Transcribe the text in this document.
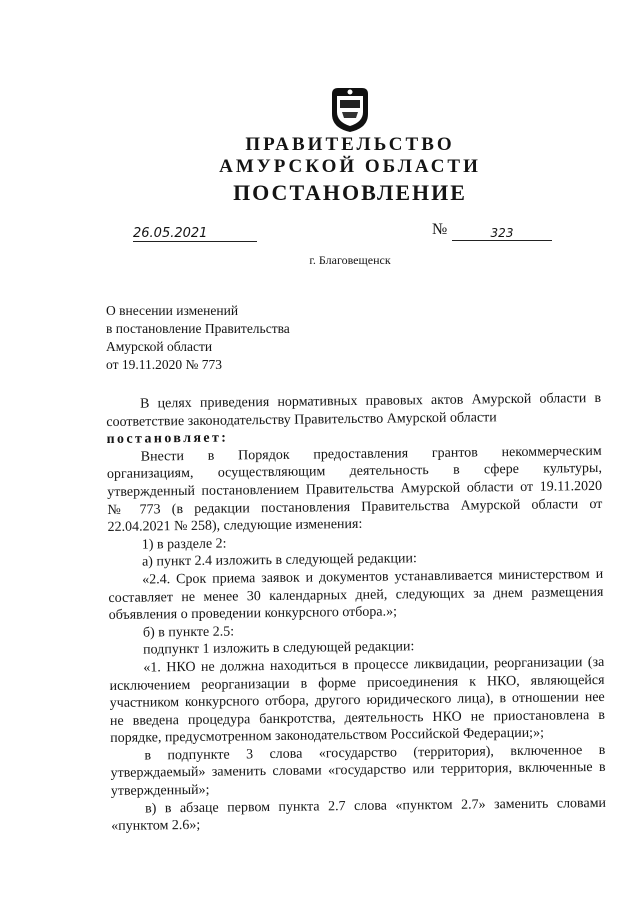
ПРАВИТЕЛЬСТВО
АМУРСКОЙ ОБЛАСТИ
ПОСТАНОВЛЕНИЕ
26.05.2021	№	323
г. Благовещенск
О внесении изменений
в постановление Правительства
Амурской области
от 19.11.2020 № 773

В целях приведения нормативных правовых актов Амурской области в

соответствие законодательству Правительство Амурской области

постановляет:

Внести в Порядок предоставления грантов некоммерческим

организациям, осуществляющим деятельность в сфере культуры,

утвержденный постановлением Правительства Амурской области от 19.11.2020

№ 773 (в редакции постановления Правительства Амурской области от

22.04.2021 № 258), следующие изменения:

1) в разделе 2:

а) пункт 2.4 изложить в следующей редакции:

«2.4. Срок приема заявок и документов устанавливается министерством и

составляет не менее 30 календарных дней, следующих за днем размещения

объявления о проведении конкурсного отбора.»;

б) в пункте 2.5:

подпункт 1 изложить в следующей редакции:

«1. НКО не должна находиться в процессе ликвидации, реорганизации (за

исключением реорганизации в форме присоединения к НКО, являющейся

участником конкурсного отбора, другого юридического лица), в отношении нее

не введена процедура банкротства, деятельность НКО не приостановлена в

порядке, предусмотренном законодательством Российской Федерации;»;

в подпункте 3 слова «государство (территория), включенное в

утверждаемый» заменить словами «государство или территория, включенные в

утвержденный»;

в) в абзаце первом пункта 2.7 слова «пунктом 2.7» заменить словами

«пунктом 2.6»;
